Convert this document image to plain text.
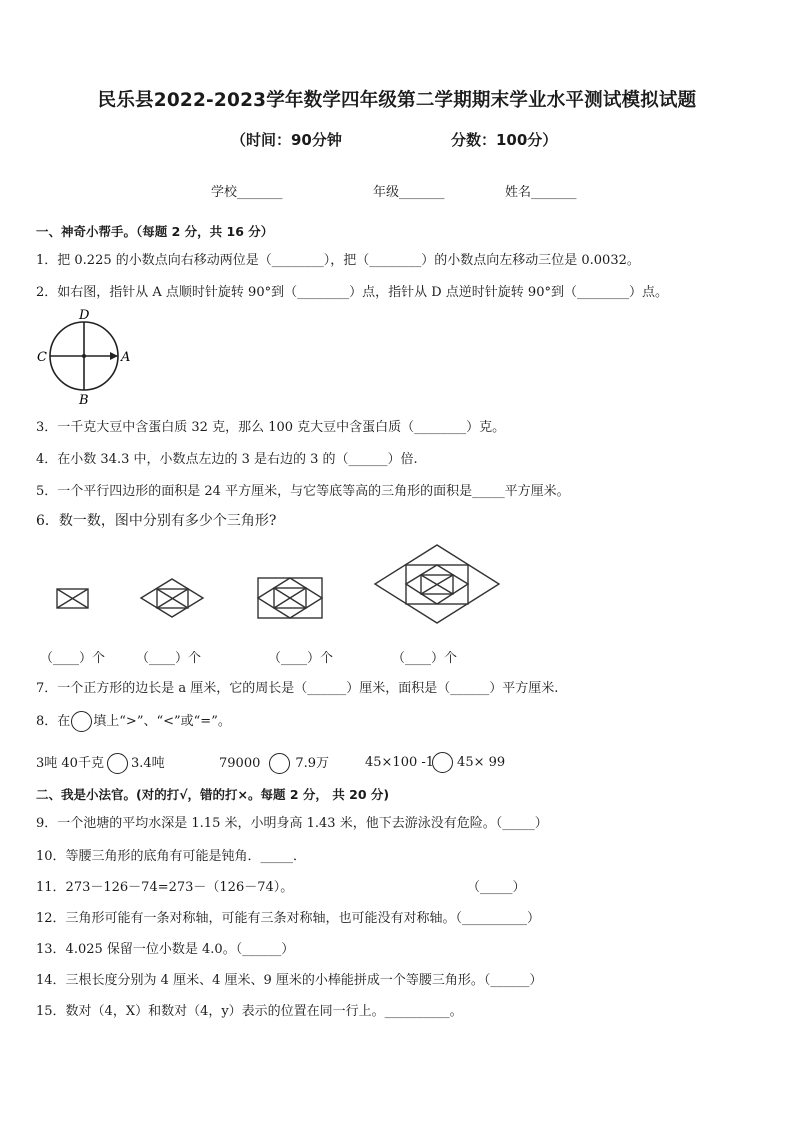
民乐县2022-2023学年数学四年级第二学期期末学业水平测试模拟试题
（时间：90分钟	分数：100分）
学校_______	年级_______	姓名_______
一、神奇小帮手。（每题 2 分，共 16 分）
1．把 0.225 的小数点向右移动两位是（________），把（________）的小数点向左移动三位是 0.0032。
2．如右图，指针从 A 点顺时针旋转 90°到（________）点，指针从 D 点逆时针旋转 90°到（________）点。
D
C	A
B
3．一千克大豆中含蛋白质 32 克，那么 100 克大豆中含蛋白质（________）克。
4．在小数 34.3 中，小数点左边的 3 是右边的 3 的（______）倍.
5．一个平行四边形的面积是 24 平方厘米，与它等底等高的三角形的面积是_____平方厘米。
6．数一数，图中分别有多少个三角形?
（____）个 （____）个	（____）个	（____）个
7．一个正方形的边长是 a 厘米，它的周长是（______）厘米，面积是（______）平方厘米.
8．在 填上“>”、“<”或“=”。
3吨 40千克 3.4吨	79000	7.9万	45×100 -1 45× 99
二、我是小法官。(对的打√，错的打×。每题 2 分， 共 20 分)
9．一个池塘的平均水深是 1.15 米，小明身高 1.43 米，他下去游泳没有危险。（_____）
10．等腰三角形的底角有可能是钝角．_____．
11．273－126－74=273－（126－74）。	（_____）
12．三角形可能有一条对称轴，可能有三条对称轴，也可能没有对称轴。（__________）
13．4.025 保留一位小数是 4.0。（______）
14．三根长度分别为 4 厘米、4 厘米、9 厘米的小棒能拼成一个等腰三角形。（______）
15．数对（4，X）和数对（4，y）表示的位置在同一行上。__________。
